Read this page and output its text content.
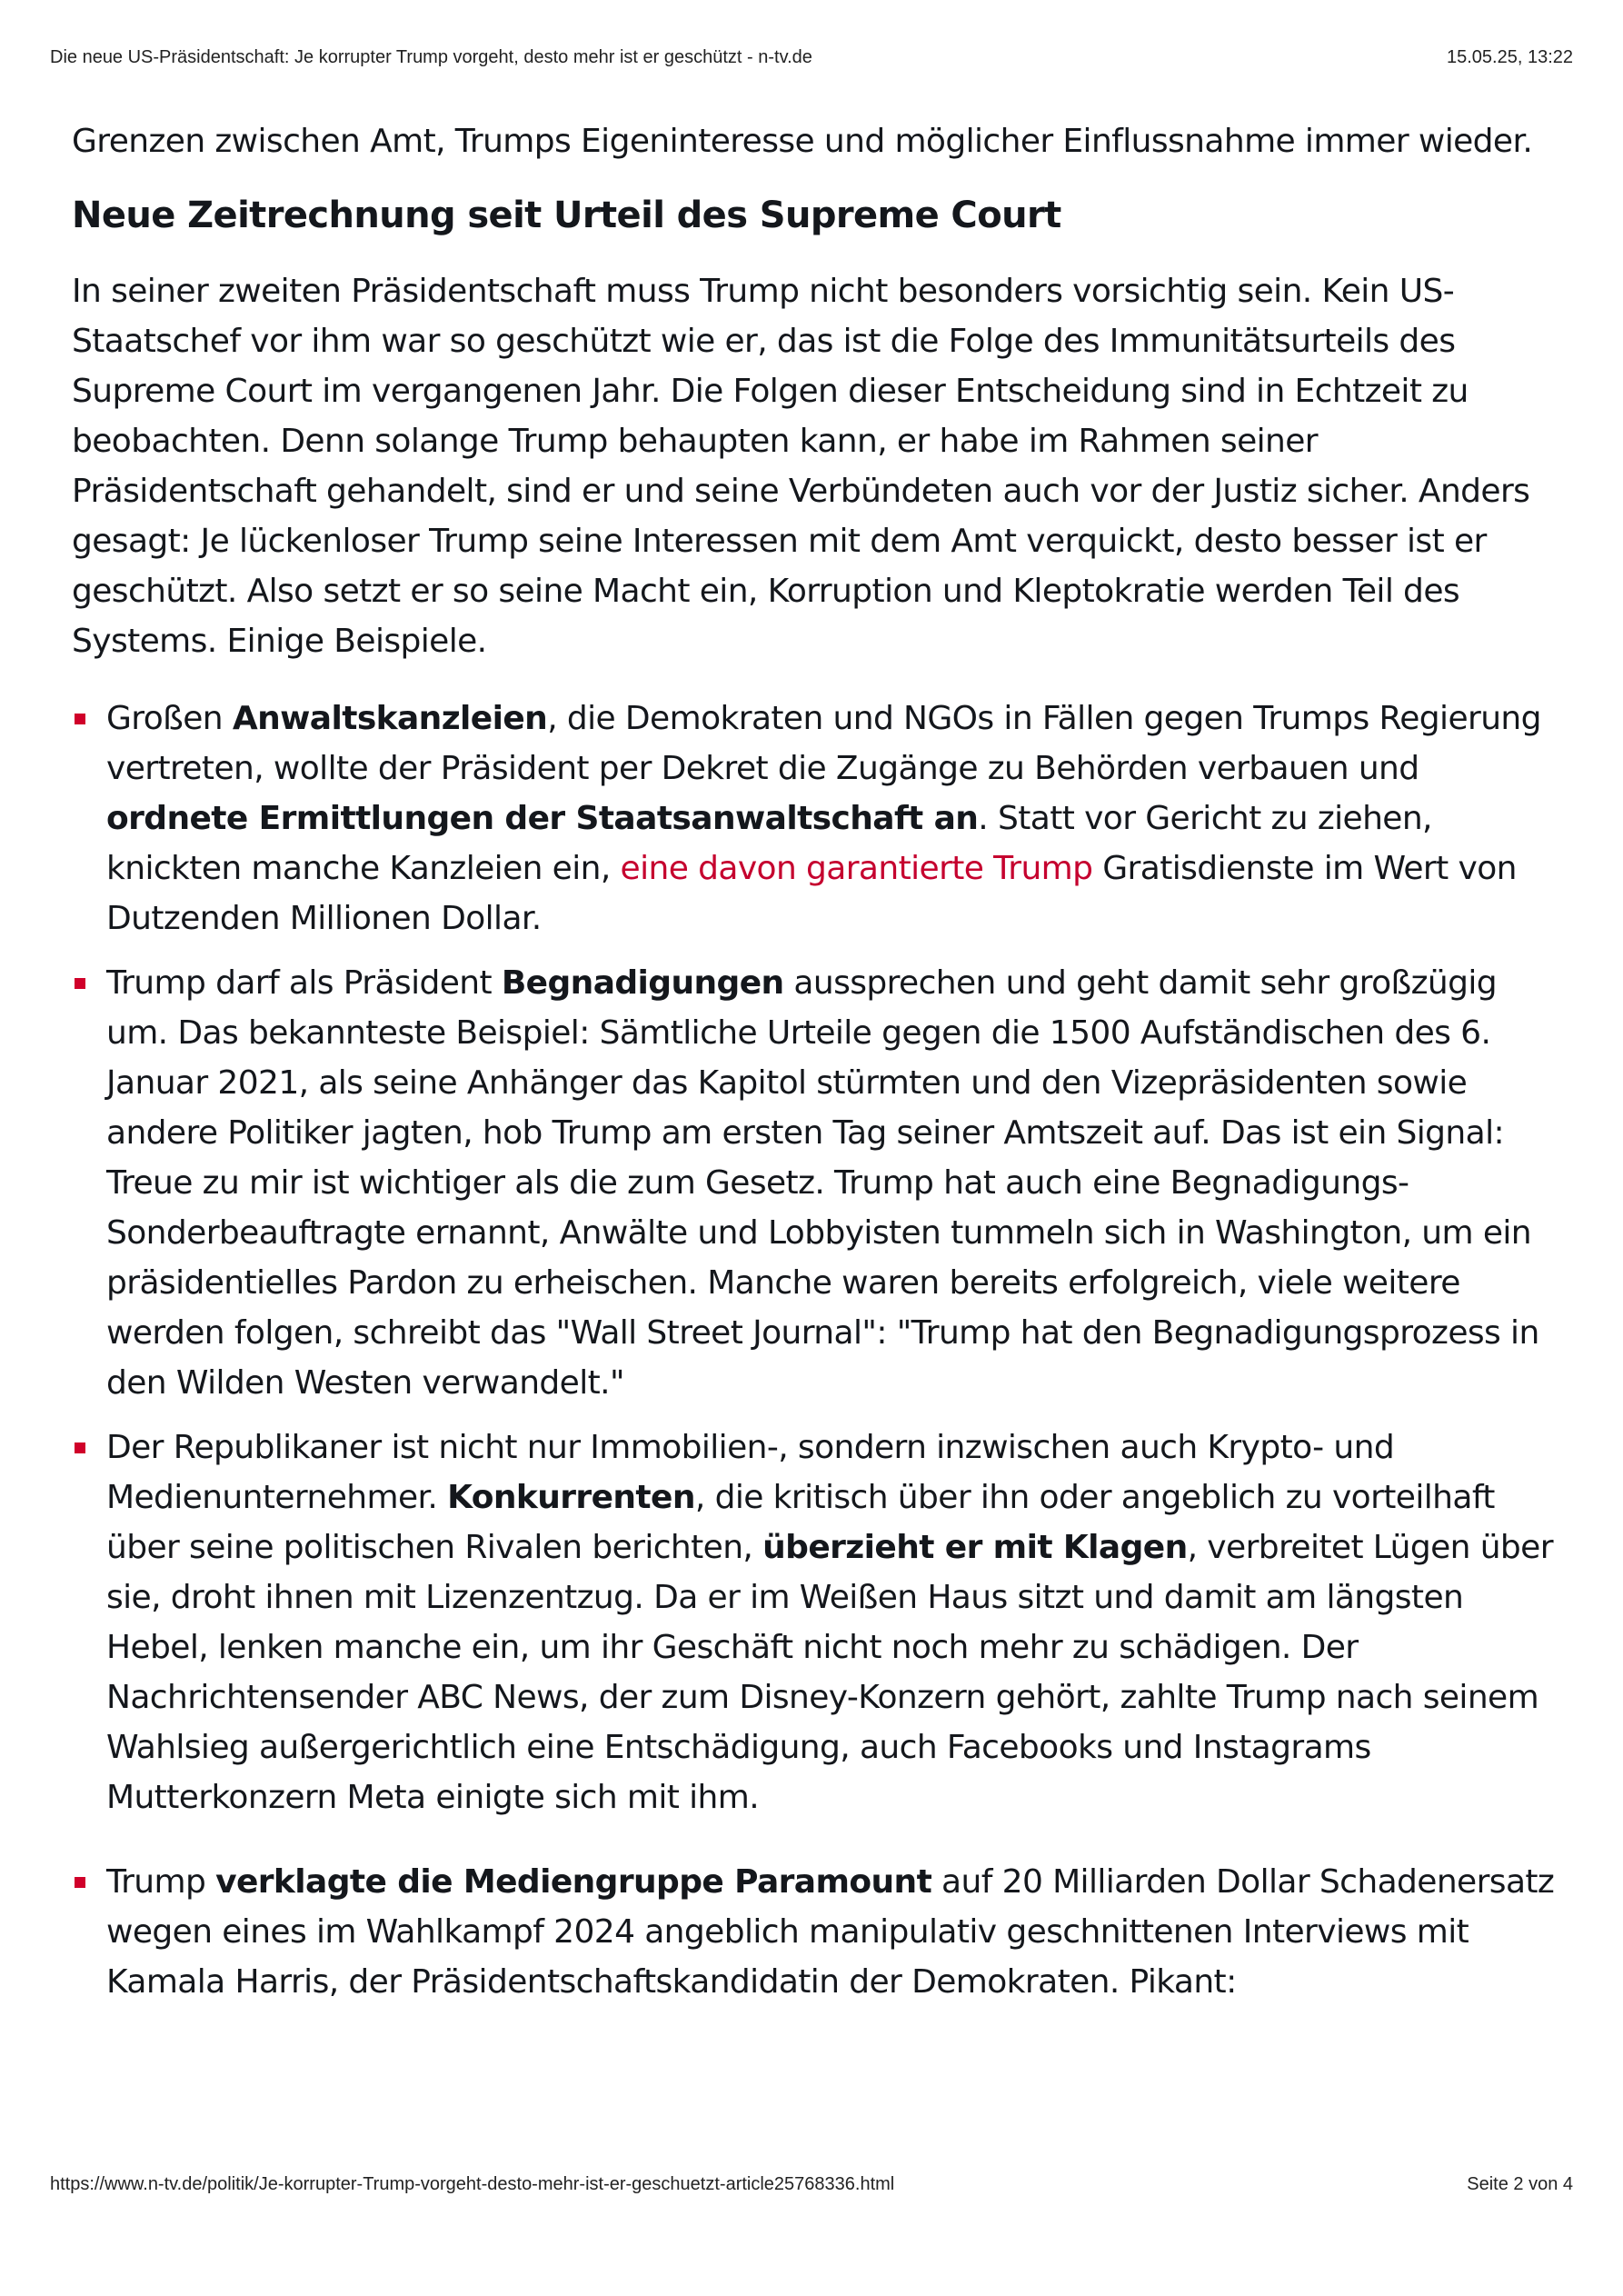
Die neue US-Präsidentschaft: Je korrupter Trump vorgeht, desto mehr ist er geschützt - n-tv.de	15.05.25, 13:22

Grenzen zwischen Amt, Trumps Eigeninteresse und möglicher Einflussnahme immer wieder.

Neue Zeitrechnung seit Urteil des Supreme Court

In seiner zweiten Präsidentschaft muss Trump nicht besonders vorsichtig sein. Kein US-Staatschef vor ihm war so geschützt wie er, das ist die Folge des Immunitätsurteils des Supreme Court im vergangenen Jahr. Die Folgen dieser Entscheidung sind in Echtzeit zu beobachten. Denn solange Trump behaupten kann, er habe im Rahmen seiner Präsidentschaft gehandelt, sind er und seine Verbündeten auch vor der Justiz sicher. Anders gesagt: Je lückenloser Trump seine Interessen mit dem Amt verquickt, desto besser ist er geschützt. Also setzt er so seine Macht ein, Korruption und Kleptokratie werden Teil des Systems. Einige Beispiele.

Großen Anwaltskanzleien, die Demokraten und NGOs in Fällen gegen Trumps Regierung vertreten, wollte der Präsident per Dekret die Zugänge zu Behörden verbauen und ordnete Ermittlungen der Staatsanwaltschaft an. Statt vor Gericht zu ziehen, knickten manche Kanzleien ein, eine davon garantierte Trump Gratisdienste im Wert von Dutzenden Millionen Dollar.
Trump darf als Präsident Begnadigungen aussprechen und geht damit sehr großzügig um. Das bekannteste Beispiel: Sämtliche Urteile gegen die 1500 Aufständischen des 6. Januar 2021, als seine Anhänger das Kapitol stürmten und den Vizepräsidenten sowie andere Politiker jagten, hob Trump am ersten Tag seiner Amtszeit auf. Das ist ein Signal: Treue zu mir ist wichtiger als die zum Gesetz. Trump hat auch eine Begnadigungs-Sonderbeauftragte ernannt, Anwälte und Lobbyisten tummeln sich in Washington, um ein präsidentielles Pardon zu erheischen. Manche waren bereits erfolgreich, viele weitere werden folgen, schreibt das "Wall Street Journal": "Trump hat den Begnadigungsprozess in den Wilden Westen verwandelt."
Der Republikaner ist nicht nur Immobilien-, sondern inzwischen auch Krypto- und Medienunternehmer. Konkurrenten, die kritisch über ihn oder angeblich zu vorteilhaft über seine politischen Rivalen berichten, überzieht er mit Klagen, verbreitet Lügen über sie, droht ihnen mit Lizenzentzug. Da er im Weißen Haus sitzt und damit am längsten Hebel, lenken manche ein, um ihr Geschäft nicht noch mehr zu schädigen. Der Nachrichtensender ABC News, der zum Disney-Konzern gehört, zahlte Trump nach seinem Wahlsieg außergerichtlich eine Entschädigung, auch Facebooks und Instagrams Mutterkonzern Meta einigte sich mit ihm.
Trump verklagte die Mediengruppe Paramount auf 20 Milliarden Dollar Schadenersatz wegen eines im Wahlkampf 2024 angeblich manipulativ geschnittenen Interviews mit Kamala Harris, der Präsidentschaftskandidatin der Demokraten. Pikant:
https://www.n-tv.de/politik/Je-korrupter-Trump-vorgeht-desto-mehr-ist-er-geschuetzt-article25768336.html	Seite 2 von 4
